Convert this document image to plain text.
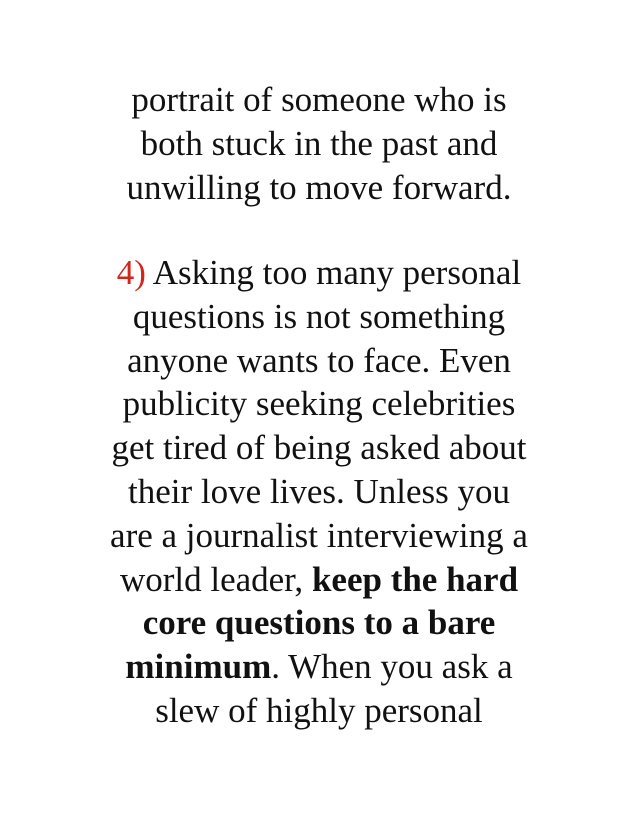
portrait of someone who is
both stuck in the past and
unwilling to move forward.
4) Asking too many personal
questions is not something
anyone wants to face. Even
publicity seeking celebrities
get tired of being asked about
their love lives. Unless you
are a journalist interviewing a
world leader, keep the hard
core questions to a bare
minimum. When you ask a
slew of highly personal
